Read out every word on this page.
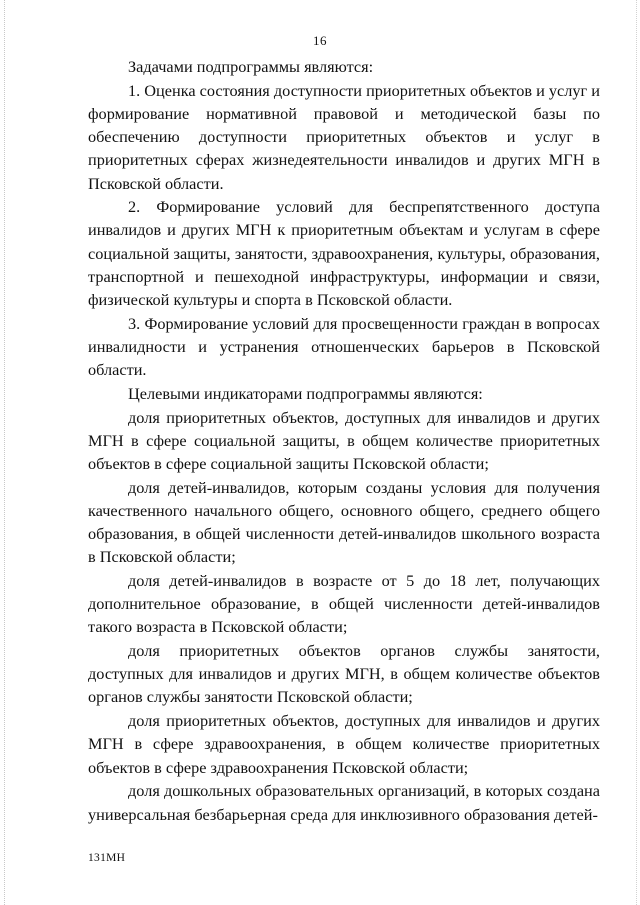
16

Задачами подпрограммы являются:

1. Оценка состояния доступности приоритетных объектов и услуг и формирование нормативной правовой и методической базы по обеспечению доступности приоритетных объектов и услуг в приоритетных сферах жизнедеятельности инвалидов и других МГН в Псковской области.

2. Формирование условий для беспрепятственного доступа инвалидов и других МГН к приоритетным объектам и услугам в сфере социальной защиты, занятости, здравоохранения, культуры, образования, транспортной и пешеходной инфраструктуры, информации и связи, физической культуры и спорта в Псковской области.

3. Формирование условий для просвещенности граждан в вопросах инвалидности и устранения отношенческих барьеров в Псковской области.

Целевыми индикаторами подпрограммы являются:

доля приоритетных объектов, доступных для инвалидов и других МГН в сфере социальной защиты, в общем количестве приоритетных объектов в сфере социальной защиты Псковской области;

доля детей-инвалидов, которым созданы условия для получения качественного начального общего, основного общего, среднего общего образования, в общей численности детей-инвалидов школьного возраста в Псковской области;

доля детей-инвалидов в возрасте от 5 до 18 лет, получающих дополнительное образование, в общей численности детей-инвалидов такого возраста в Псковской области;

доля приоритетных объектов органов службы занятости, доступных для инвалидов и других МГН, в общем количестве объектов органов службы занятости Псковской области;

доля приоритетных объектов, доступных для инвалидов и других МГН в сфере здравоохранения, в общем количестве приоритетных объектов в сфере здравоохранения Псковской области;

доля дошкольных образовательных организаций, в которых создана универсальная безбарьерная среда для инклюзивного образования детей-

131МН
